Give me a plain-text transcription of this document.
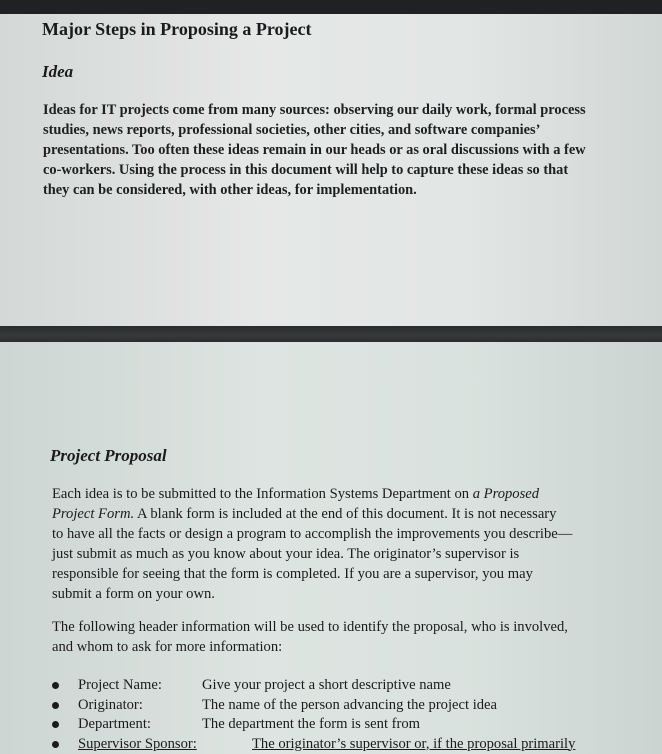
Major Steps in Proposing a Project
Idea
Ideas for IT projects come from many sources: observing our daily work, formal process
studies, news reports, professional societies, other cities, and software companies’
presentations. Too often these ideas remain in our heads or as oral discussions with a few
co-workers. Using the process in this document will help to capture these ideas so that
they can be considered, with other ideas, for implementation.
Project Proposal
Each idea is to be submitted to the Information Systems Department on a Proposed
Project Form. A blank form is included at the end of this document. It is not necessary
to have all the facts or design a program to accomplish the improvements you describe—
just submit as much as you know about your idea. The originator’s supervisor is
responsible for seeing that the form is completed. If you are a supervisor, you may
submit a form on your own.
The following header information will be used to identify the proposal, who is involved,
and whom to ask for more information:
Project Name:	Give your project a short descriptive name
Originator:	The name of the person advancing the project idea
Department:	The department the form is sent from
Supervisor Sponsor:	The originator’s supervisor or, if the proposal primarily
